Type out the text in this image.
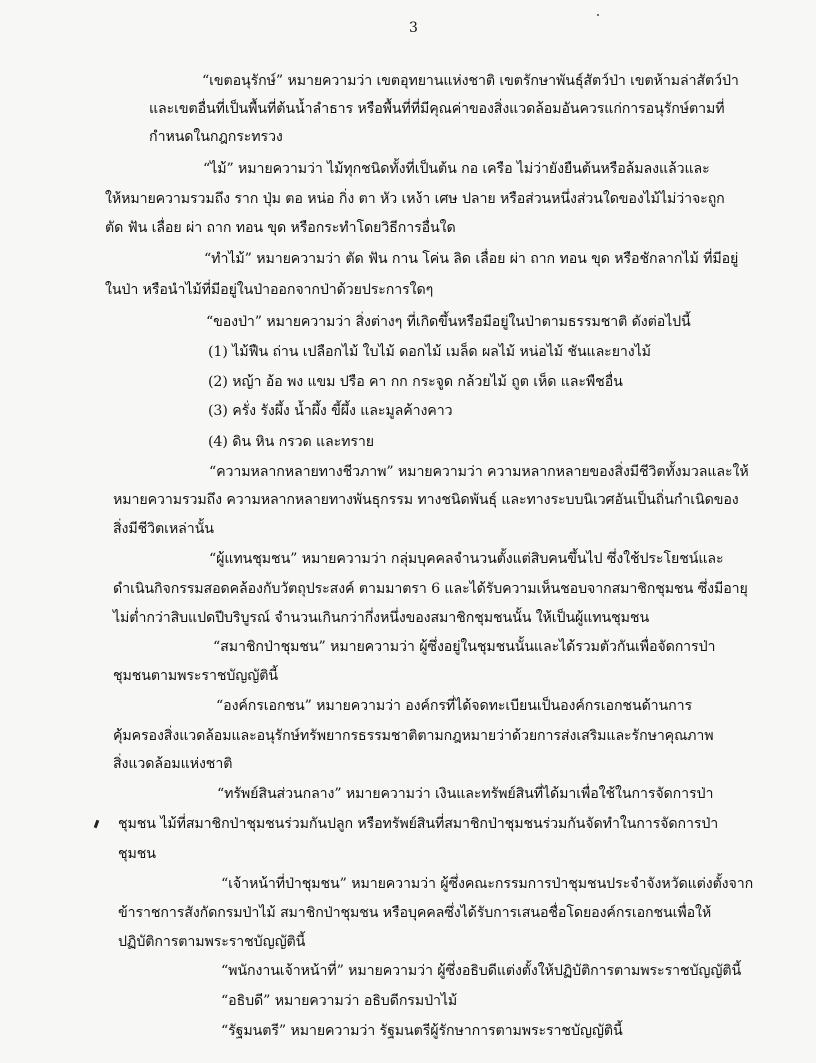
3
“เขตอนุรักษ์” หมายความว่า เขตอุทยานแห่งชาติ เขตรักษาพันธุ์สัตว์ป่า เขตห้ามล่าสัตว์ป่า
และเขตอื่นที่เป็นพื้นที่ต้นน้ำลำธาร หรือพื้นที่ที่มีคุณค่าของสิ่งแวดล้อมอันควรแก่การอนุรักษ์ตามที่
กำหนดในกฎกระทรวง
“ไม้” หมายความว่า ไม้ทุกชนิดทั้งที่เป็นต้น กอ เครือ ไม่ว่ายังยืนต้นหรือล้มลงแล้วและ
ให้หมายความรวมถึง ราก ปุ่ม ตอ หน่อ กิ่ง ตา หัว เหง้า เศษ ปลาย หรือส่วนหนึ่งส่วนใดของไม้ไม่ว่าจะถูก
ตัด ฟัน เลื่อย ผ่า ถาก ทอน ขุด หรือกระทำโดยวิธีการอื่นใด
“ทำไม้” หมายความว่า ตัด ฟัน กาน โค่น ลิด เลื่อย ผ่า ถาก ทอน ขุด หรือชักลากไม้ ที่มีอยู่
ในป่า หรือนำไม้ที่มีอยู่ในป่าออกจากป่าด้วยประการใดๆ
“ของป่า” หมายความว่า สิ่งต่างๆ ที่เกิดขึ้นหรือมีอยู่ในป่าตามธรรมชาติ ดังต่อไปนี้
(1) ไม้ฟืน ถ่าน เปลือกไม้ ใบไม้ ดอกไม้ เมล็ด ผลไม้ หน่อไม้ ชันและยางไม้
(2) หญ้า อ้อ พง แขม ปรือ คา กก กระจูด กล้วยไม้ ถูต เห็ด และพืชอื่น
(3) ครั่ง รังผึ้ง น้ำผึ้ง ขี้ผึ้ง และมูลค้างคาว
(4) ดิน หิน กรวด และทราย
“ความหลากหลายทางชีวภาพ” หมายความว่า ความหลากหลายของสิ่งมีชีวิตทั้งมวลและให้
หมายความรวมถึง ความหลากหลายทางพันธุกรรม ทางชนิดพันธุ์ และทางระบบนิเวศอันเป็นถิ่นกำเนิดของ
สิ่งมีชีวิตเหล่านั้น
“ผู้แทนชุมชน” หมายความว่า กลุ่มบุคคลจำนวนตั้งแต่สิบคนขึ้นไป ซึ่งใช้ประโยชน์และ
ดำเนินกิจกรรมสอดคล้องกับวัตถุประสงค์ ตามมาตรา 6 และได้รับความเห็นชอบจากสมาชิกชุมชน ซึ่งมีอายุ
ไม่ต่ำกว่าสิบแปดปีบริบูรณ์ จำนวนเกินกว่ากึ่งหนึ่งของสมาชิกชุมชนนั้น ให้เป็นผู้แทนชุมชน
“สมาชิกป่าชุมชน” หมายความว่า ผู้ซึ่งอยู่ในชุมชนนั้นและได้รวมตัวกันเพื่อจัดการป่า
ชุมชนตามพระราชบัญญัตินี้
“องค์กรเอกชน” หมายความว่า องค์กรที่ได้จดทะเบียนเป็นองค์กรเอกชนด้านการ
คุ้มครองสิ่งแวดล้อมและอนุรักษ์ทรัพยากรธรรมชาติตามกฎหมายว่าด้วยการส่งเสริมและรักษาคุณภาพ
สิ่งแวดล้อมแห่งชาติ
“ทรัพย์สินส่วนกลาง” หมายความว่า เงินและทรัพย์สินที่ได้มาเพื่อใช้ในการจัดการป่า
ชุมชน ไม้ที่สมาชิกป่าชุมชนร่วมกันปลูก หรือทรัพย์สินที่สมาชิกป่าชุมชนร่วมกันจัดทำในการจัดการป่า
ชุมชน
“เจ้าหน้าที่ป่าชุมชน” หมายความว่า ผู้ซึ่งคณะกรรมการป่าชุมชนประจำจังหวัดแต่งตั้งจาก
ข้าราชการสังกัดกรมป่าไม้ สมาชิกป่าชุมชน หรือบุคคลซึ่งได้รับการเสนอชื่อโดยองค์กรเอกชนเพื่อให้
ปฏิบัติการตามพระราชบัญญัตินี้
“พนักงานเจ้าหน้าที่” หมายความว่า ผู้ซึ่งอธิบดีแต่งตั้งให้ปฏิบัติการตามพระราชบัญญัตินี้
“อธิบดี” หมายความว่า อธิบดีกรมป่าไม้
“รัฐมนตรี” หมายความว่า รัฐมนตรีผู้รักษาการตามพระราชบัญญัตินี้
